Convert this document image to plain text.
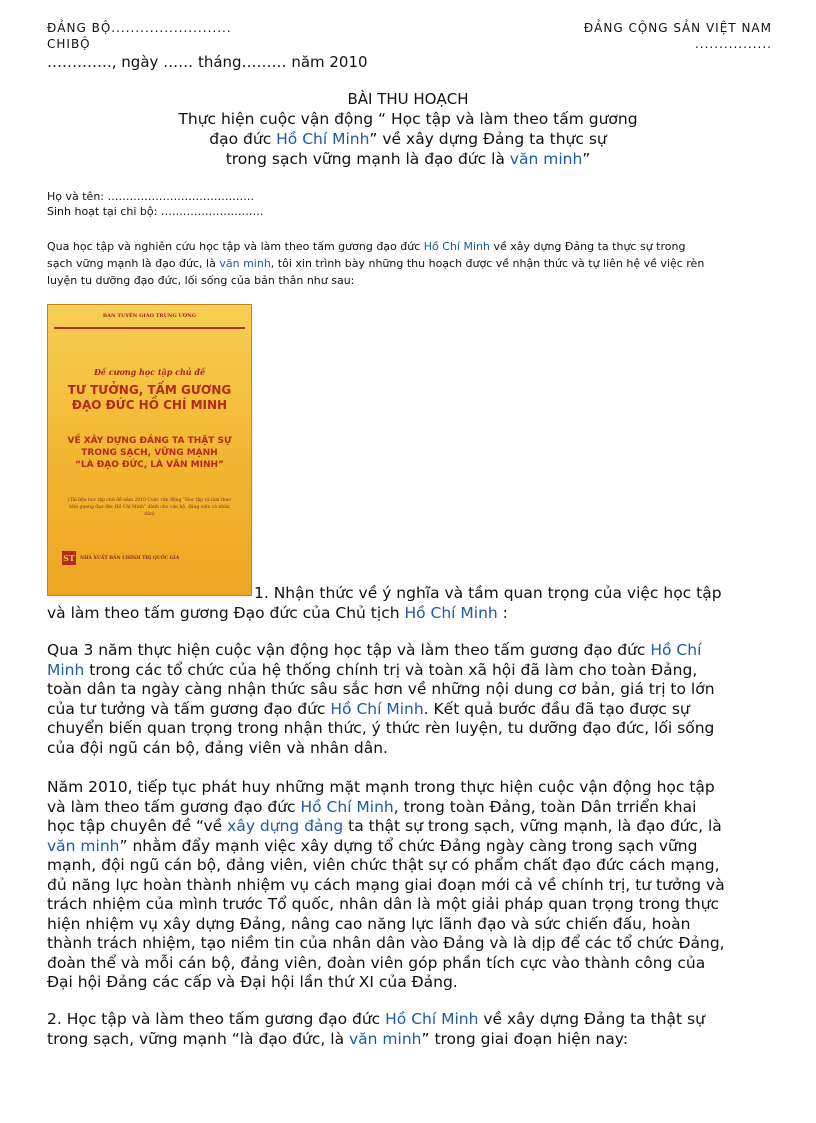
ĐẢNG BỘ.........................
CHIBỘ
ĐẢNG CỘNG SẢN VIỆT NAM
................
…………., ngày …… tháng……… năm 2010
BÀI THU HOẠCH
Thực hiện cuộc vận động “ Học tập và làm theo tấm gương
đạo đức Hồ Chí Minh” về xây dựng Đảng ta thực sự
trong sạch vững mạnh là đạo đức là văn minh”
Họ và tên: ………………………………….
Sinh hoạt tại chi bộ: ……………………….
Qua học tập và nghiên cứu học tập và làm theo tấm gương đạo đức Hồ Chí Minh về xây dựng Đảng ta thực sự trong
sạch vững mạnh là đạo đức, là văn minh, tôi xin trình bày những thu hoạch được về nhận thức và tự liên hệ về việc rèn
luyện tu dưỡng đạo đức, lối sống của bản thân như sau:
BAN TUYÊN GIÁO TRUNG ƯƠNG
Đề cương học tập chủ đề
TƯ TƯỞNG, TẤM GƯƠNG
ĐẠO ĐỨC HỒ CHÍ MINH
VỀ XÂY DỰNG ĐẢNG TA THẬT SỰ
TRONG SẠCH, VỮNG MẠNH
“LÀ ĐẠO ĐỨC, LÀ VĂN MINH”
(Tài liệu học tập chủ đề năm 2010 Cuộc vận động “Học tập và làm theo tấm gương đạo đức Hồ Chí Minh” dành cho cán bộ, đảng viên và nhân dân)
ST NHÀ XUẤT BẢN CHÍNH TRỊ QUỐC GIA
1. Nhận thức về ý nghĩa và tầm quan trọng của việc học tập
và làm theo tấm gương Đạo đức của Chủ tịch Hồ Chí Minh :
Qua 3 năm thực hiện cuộc vận động học tập và làm theo tấm gương đạo đức Hồ Chí
Minh trong các tổ chức của hệ thống chính trị và toàn xã hội đã làm cho toàn Đảng,
toàn dân ta ngày càng nhận thức sâu sắc hơn về những nội dung cơ bản, giá trị to lớn
của tư tưởng và tấm gương đạo đức Hồ Chí Minh. Kết quả bước đầu đã tạo được sự
chuyển biến quan trọng trong nhận thức, ý thức rèn luyện, tu dưỡng đạo đức, lối sống
của đội ngũ cán bộ, đảng viên và nhân dân.
Năm 2010, tiếp tục phát huy những mặt mạnh trong thực hiện cuộc vận động học tập
và làm theo tấm gương đạo đức Hồ Chí Minh, trong toàn Đảng, toàn Dân trriển khai
học tập chuyên đề “về xây dựng đảng ta thật sự trong sạch, vững mạnh, là đạo đức, là
văn minh” nhằm đẩy mạnh việc xây dựng tổ chức Đảng ngày càng trong sạch vững
mạnh, đội ngũ cán bộ, đảng viên, viên chức thật sự có phẩm chất đạo đức cách mạng,
đủ năng lực hoàn thành nhiệm vụ cách mạng giai đoạn mới cả về chính trị, tư tưởng và
trách nhiệm của mình trước Tổ quốc, nhân dân là một giải pháp quan trọng trong thực
hiện nhiệm vụ xây dựng Đảng, nâng cao năng lực lãnh đạo và sức chiến đấu, hoàn
thành trách nhiệm, tạo niềm tin của nhân dân vào Đảng và là dịp để các tổ chức Đảng,
đoàn thể và mỗi cán bộ, đảng viên, đoàn viên góp phần tích cực vào thành công của
Đại hội Đảng các cấp và Đại hội lần thứ XI của Đảng.
2. Học tập và làm theo tấm gương đạo đức Hồ Chí Minh về xây dựng Đảng ta thật sự
trong sạch, vững mạnh “là đạo đức, là văn minh” trong giai đoạn hiện nay:
